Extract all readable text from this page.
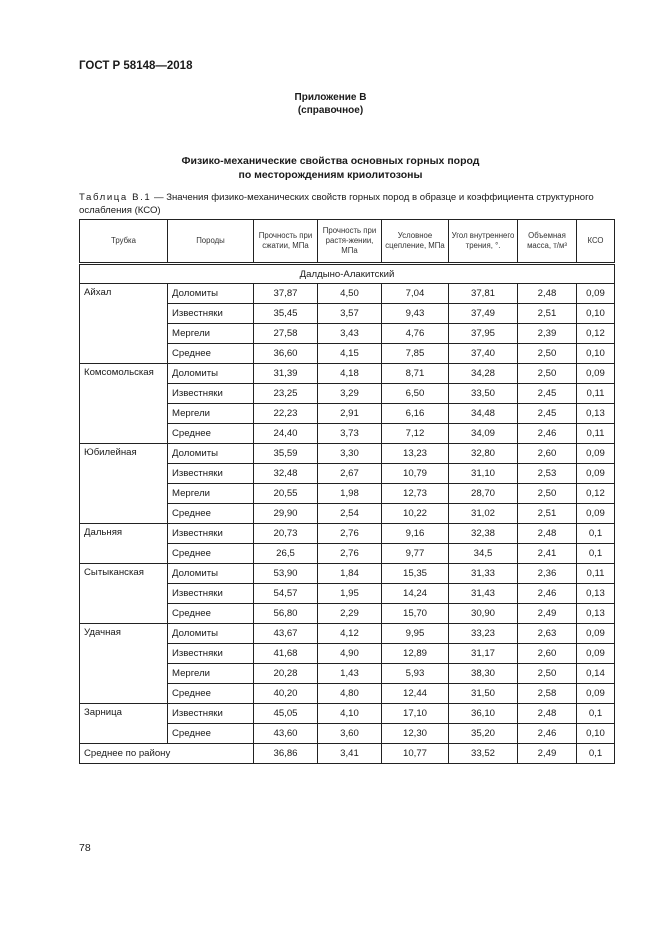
ГОСТ Р 58148—2018
Приложение В
(справочное)
Физико-механические свойства основных горных пород
по месторождениям криолитозоны
Таблица В.1 — Значения физико-механических свойств горных пород в образце и коэффициента структурного ослабления (КСО)
Трубка	Породы	Прочность при сжатии, МПа	Прочность при растя-жении, МПа	Условное сцепление, МПа	Угол внутреннего трения, °.	Объемная масса, т/м³	КСО
Далдыно-Алакитский							
Айхал	Доломиты	37,87	4,50	7,04	37,81	2,48	0,09
	Известняки	35,45	3,57	9,43	37,49	2,51	0,10
	Мергели	27,58	3,43	4,76	37,95	2,39	0,12
	Среднее	36,60	4,15	7,85	37,40	2,50	0,10
Комсомольская	Доломиты	31,39	4,18	8,71	34,28	2,50	0,09
	Известняки	23,25	3,29	6,50	33,50	2,45	0,11
	Мергели	22,23	2,91	6,16	34,48	2,45	0,13
	Среднее	24,40	3,73	7,12	34,09	2,46	0,11
Юбилейная	Доломиты	35,59	3,30	13,23	32,80	2,60	0,09
	Известняки	32,48	2,67	10,79	31,10	2,53	0,09
	Мергели	20,55	1,98	12,73	28,70	2,50	0,12
	Среднее	29,90	2,54	10,22	31,02	2,51	0,09
Дальняя	Известняки	20,73	2,76	9,16	32,38	2,48	0,1
	Среднее	26,5	2,76	9,77	34,5	2,41	0,1
Сытыканская	Доломиты	53,90	1,84	15,35	31,33	2,36	0,11
	Известняки	54,57	1,95	14,24	31,43	2,46	0,13
	Среднее	56,80	2,29	15,70	30,90	2,49	0,13
Удачная	Доломиты	43,67	4,12	9,95	33,23	2,63	0,09
	Известняки	41,68	4,90	12,89	31,17	2,60	0,09
	Мергели	20,28	1,43	5,93	38,30	2,50	0,14
	Среднее	40,20	4,80	12,44	31,50	2,58	0,09
Зарница	Известняки	45,05	4,10	17,10	36,10	2,48	0,1
	Среднее	43,60	3,60	12,30	35,20	2,46	0,10
Среднее по району		36,86	3,41	10,77	33,52	2,49	0,1
78
